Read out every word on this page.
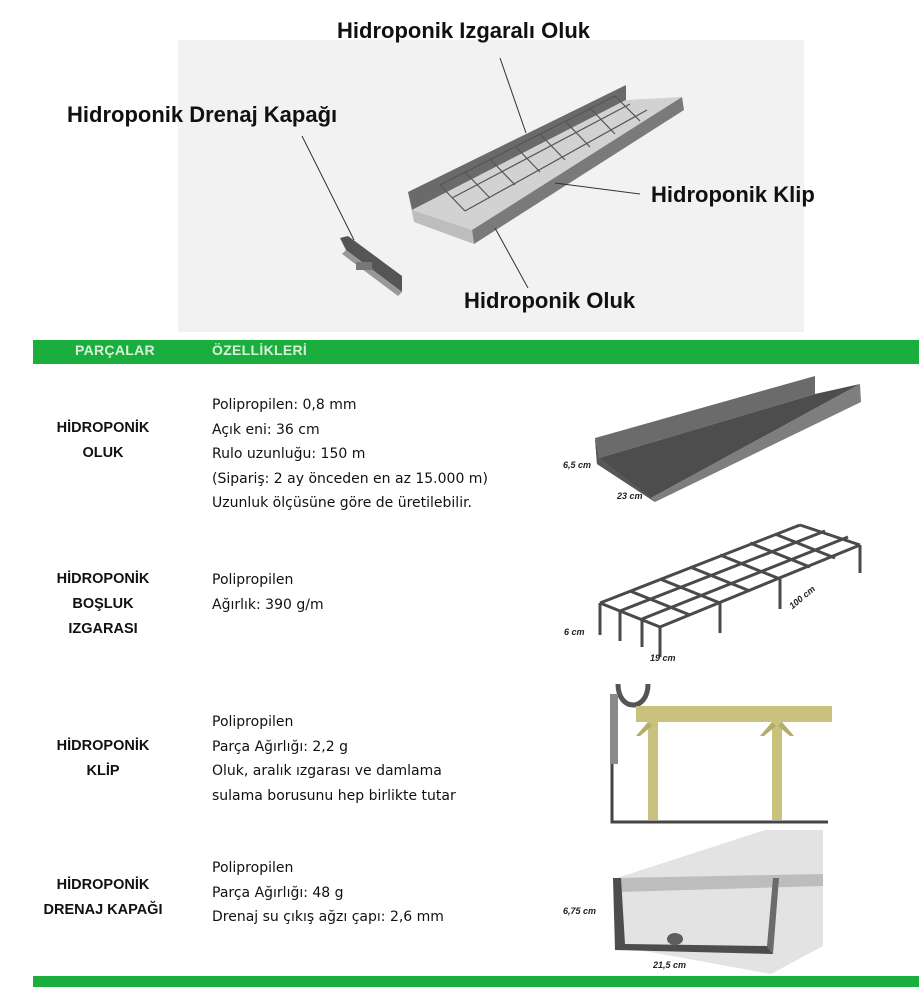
Hidroponik Izgaralı Oluk
Hidroponik Drenaj Kapağı
Hidroponik Klip
Hidroponik Oluk
PARÇALAR	ÖZELLİKLERİ
HİDROPONİK
OLUK
Polipropilen: 0,8 mm
Açık eni: 36 cm
Rulo uzunluğu: 150 m
(Sipariş: 2 ay önceden en az 15.000 m)
Uzunluk ölçüsüne göre de üretilebilir.
6,5 cm
23 cm
HİDROPONİK
BOŞLUK
IZGARASI
Polipropilen
Ağırlık: 390 g/m
6 cm
19 cm
100 cm
HİDROPONİK
KLİP
Polipropilen
Parça Ağırlığı: 2,2 g
Oluk, aralık ızgarası ve damlama
sulama borusunu hep birlikte tutar
HİDROPONİK
DRENAJ KAPAĞI
Polipropilen
Parça Ağırlığı: 48 g
Drenaj su çıkış ağzı çapı: 2,6 mm	6,75 cm
21,5 cm
